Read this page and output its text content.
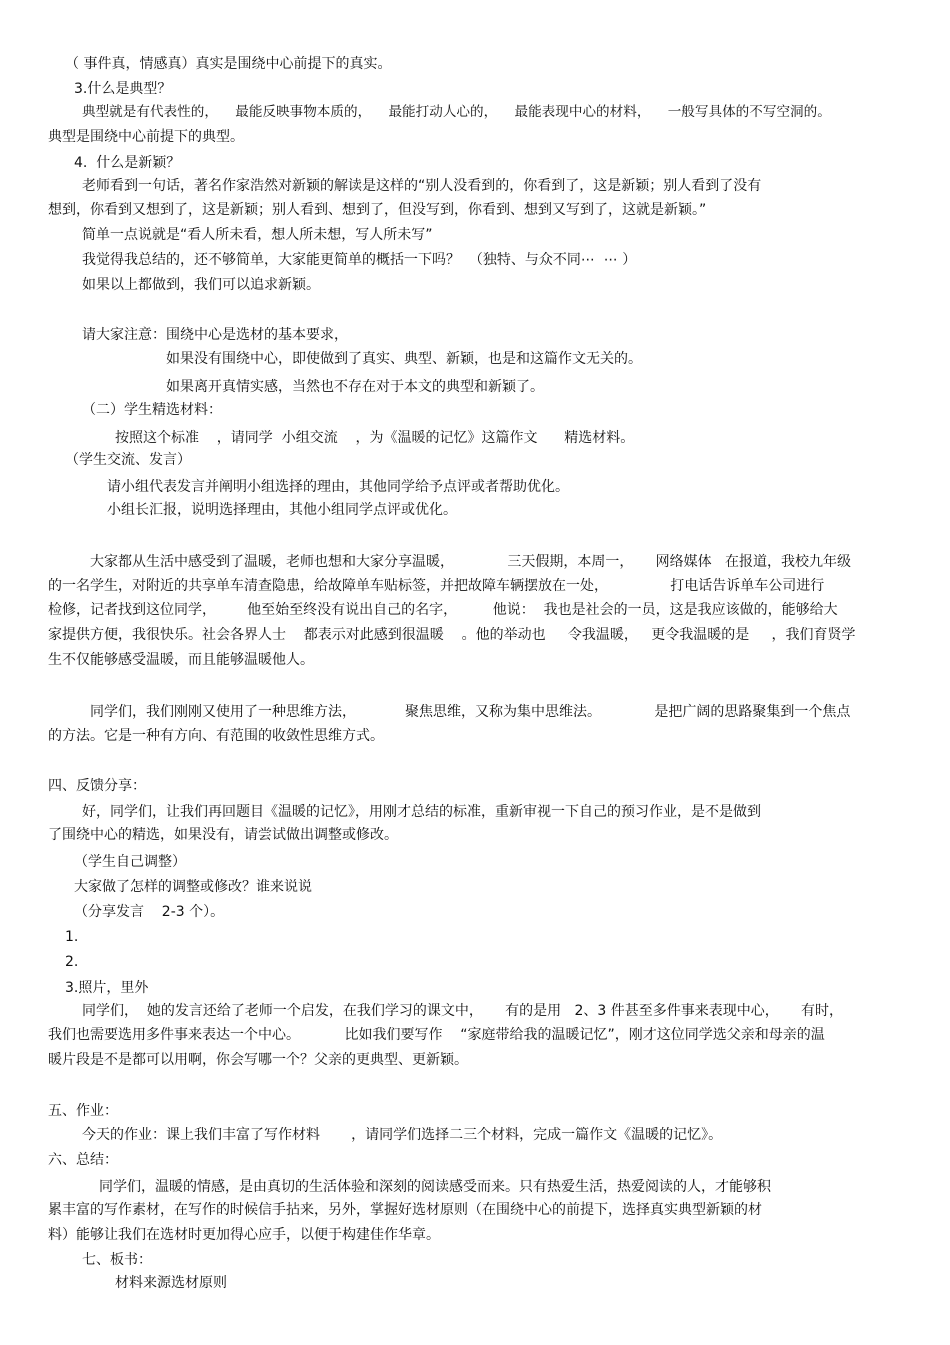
（ 事件真，情感真）真实是围绕中心前提下的真实。
3.什么是典型？
典型就是有代表性的，    最能反映事物本质的，    最能打动人心的，    最能表现中心的材料，    一般写具体的不写空洞的。
典型是围绕中心前提下的典型。
4.  什么是新颖？
老师看到一句话，著名作家浩然对新颖的解读是这样的“别人没看到的，你看到了，这是新颖；别人看到了没有
想到，你看到又想到了，这是新颖；别人看到、想到了，但没写到，你看到、想到又写到了，这就是新颖。”
简单一点说就是“看人所未看，想人所未想，写人所未写”
我觉得我总结的，还不够简单，大家能更简单的概括一下吗？  （独特、与众不同⋯  ⋯ ）
如果以上都做到，我们可以追求新颖。
请大家注意：围绕中心是选材的基本要求，
如果没有围绕中心，即使做到了真实、典型、新颖，也是和这篇作文无关的。
如果离开真情实感，当然也不存在对于本文的典型和新颖了。
（二）学生精选材料：
按照这个标准    ，请同学  小组交流    ，为《温暖的记忆》这篇作文      精选材料。
（学生交流、发言）
请小组代表发言并阐明小组选择的理由，其他同学给予点评或者帮助优化。
小组长汇报，说明选择理由，其他小组同学点评或优化。
大家都从生活中感受到了温暖，老师也想和大家分享温暖，            三天假期，本周一，     网络媒体   在报道，我校九年级
的一名学生，对附近的共享单车清查隐患，给故障单车贴标签，并把故障车辆摆放在一处，              打电话告诉单车公司进行
检修，记者找到这位同学，       他至始至终没有说出自己的名字，        他说：  我也是社会的一员，这是我应该做的，能够给大
家提供方便，我很快乐。社会各界人士    都表示对此感到很温暖    。他的举动也     令我温暖，   更令我温暖的是     ，我们育贤学
生不仅能够感受温暖，而且能够温暖他人。
同学们，我们刚刚又使用了一种思维方法，           聚焦思维，又称为集中思维法。            是把广阔的思路聚集到一个焦点
的方法。它是一种有方向、有范围的收敛性思维方式。
四、反馈分享：
好，同学们，让我们再回题目《温暖的记忆》，用刚才总结的标准，重新审视一下自己的预习作业，是不是做到
了围绕中心的精选，如果没有，请尝试做出调整或修改。
（学生自己调整）
大家做了怎样的调整或修改？谁来说说
（分享发言    2-3 个）。
1.
2.
3.照片，里外
同学们，  她的发言还给了老师一个启发，在我们学习的课文中，     有的是用   2、3 件甚至多件事来表现中心，     有时，
我们也需要选用多件事来表达一个中心。          比如我们要写作    “家庭带给我的温暖记忆”，刚才这位同学选父亲和母亲的温
暖片段是不是都可以用啊，你会写哪一个？父亲的更典型、更新颖。
五、作业：
今天的作业：课上我们丰富了写作材料       ，请同学们选择二三个材料，完成一篇作文《温暖的记忆》。
六、总结：
同学们，温暖的情感，是由真切的生活体验和深刻的阅读感受而来。只有热爱生活，热爱阅读的人，才能够积
累丰富的写作素材，在写作的时候信手拈来，另外，掌握好选材原则（在围绕中心的前提下，选择真实典型新颖的材
料）能够让我们在选材时更加得心应手，以便于构建佳作华章。
七、板书：
材料来源选材原则
